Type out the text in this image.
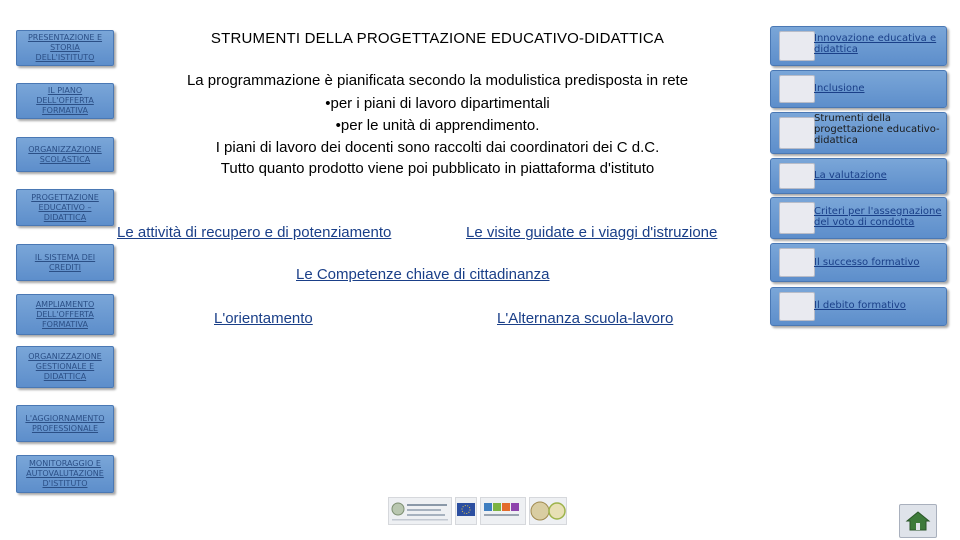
PRESENTAZIONE E STORIA DELL'ISTITUTO
IL PIANO DELL'OFFERTA FORMATIVA
ORGANIZZAZIONE SCOLASTICA
PROGETTAZIONE EDUCATIVO – DIDATTICA
IL SISTEMA DEI CREDITI
AMPLIAMENTO DELL'OFFERTA FORMATIVA
ORGANIZZAZIONE GESTIONALE E DIDATTICA
L'AGGIORNAMENTO PROFESSIONALE
MONITORAGGIO E AUTOVALUTAZIONE D'ISTITUTO
STRUMENTI DELLA PROGETTAZIONE EDUCATIVO-DIDATTICA
La programmazione è pianificata secondo la modulistica predisposta in rete
•per i piani di lavoro dipartimentali
•per le unità di apprendimento.
I piani di lavoro dei docenti sono raccolti dai coordinatori dei C d.C.
Tutto quanto prodotto viene poi pubblicato in piattaforma d'istituto
Le attività di recupero e di potenziamento	Le visite guidate e i viaggi d'istruzione
Le Competenze chiave di cittadinanza
L'orientamento	L'Alternanza scuola-lavoro
Innovazione educativa e didattica
Inclusione
Strumenti della progettazione educativo-didattica
La valutazione
Criteri per l'assegnazione del voto di condotta
Il successo formativo
Il debito formativo
